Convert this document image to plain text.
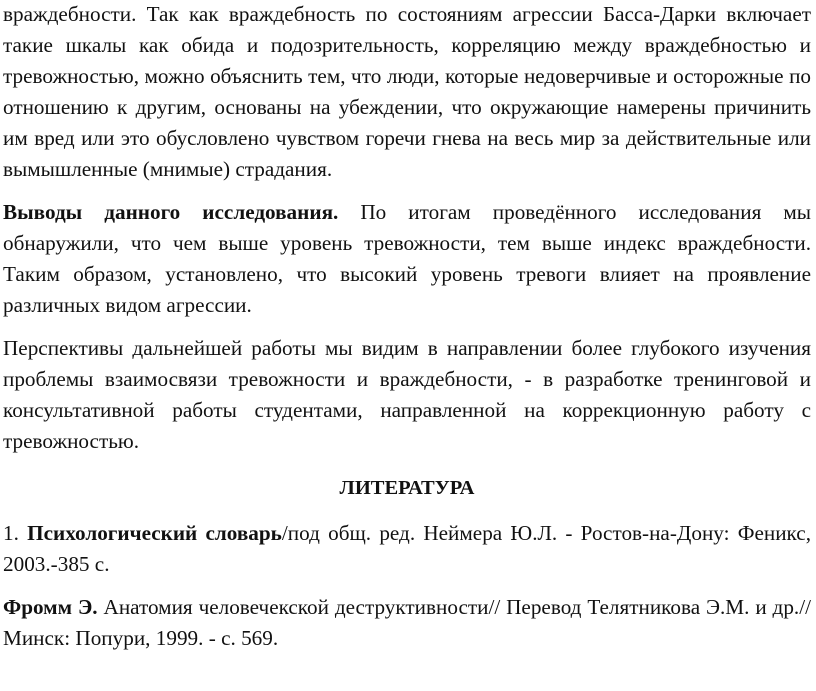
враждебности. Так как враждебность по состояниям агрессии Басса-Дарки включает такие шкалы как обида и подозрительность, корреляцию между враждебностью и тревожностью, можно объяснить тем, что люди, которые недоверчивые и осторожные по отношению к другим, основаны на убеждении, что окружающие намерены причинить им вред или это обусловлено чувством горечи гнева на весь мир за действительные или вымышленные (мнимые) страдания.

Выводы данного исследования. По итогам проведённого исследования мы обнаружили, что чем выше уровень тревожности, тем выше индекс враждебности. Таким образом, установлено, что высокий уровень тревоги влияет на проявление различных видом агрессии.

Перспективы дальнейшей работы мы видим в направлении более глубокого изучения проблемы взаимосвязи тревожности и враждебности, - в разработке тренинговой и консультативной работы студентами, направленной на коррекционную работу с тревожностью.

ЛИТЕРАТУРА

1. Психологический словарь/под общ. ред. Неймера Ю.Л. - Ростов-на-Дону: Феникс, 2003.-385 с.

Фромм Э. Анатомия человечекской деструктивности// Перевод Телятникова Э.М. и др.//Минск: Попури, 1999. - с. 569.
